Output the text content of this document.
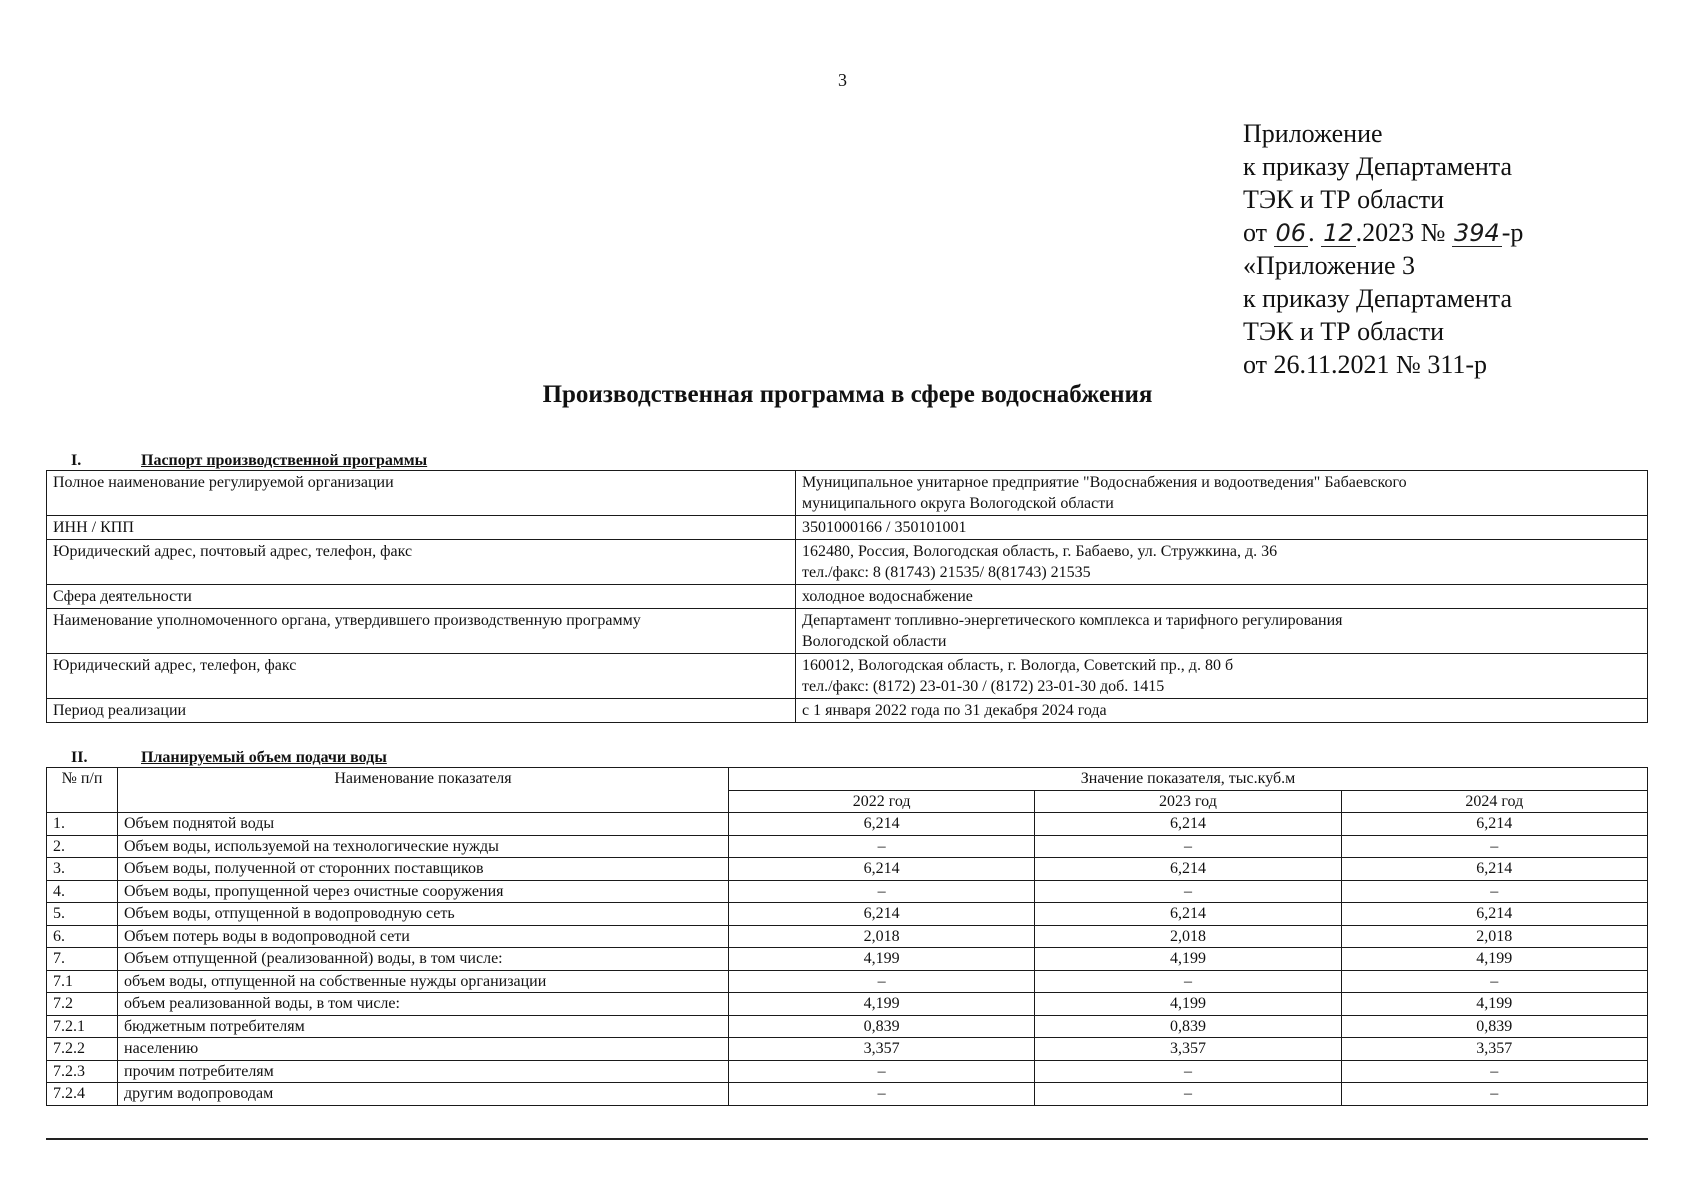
3
Приложение
к приказу Департамента
ТЭК и ТР области
от 06. 12.2023 № 394-р
«Приложение 3
к приказу Департамента
ТЭК и ТР области
от 26.11.2021 № 311-р
Производственная программа в сфере водоснабжения
I.	Паспорт производственной программы
Полное наименование регулируемой организации	Муниципальное унитарное предприятие "Водоснабжения и водоотведения" Бабаевского
муниципального округа Вологодской области

ИНН / КПП	3501000166 / 350101001

Юридический адрес, почтовый адрес, телефон, факс	162480, Россия, Вологодская область, г. Бабаево, ул. Стружкина, д. 36
тел./факс: 8 (81743) 21535/ 8(81743) 21535

Сфера деятельности	холодное водоснабжение

Наименование уполномоченного органа, утвердившего производственную программу	Департамент топливно-энергетического комплекса и тарифного регулирования
Вологодской области

Юридический адрес, телефон, факс	160012, Вологодская область, г. Вологда, Советский пр., д. 80 б
тел./факс: (8172) 23-01-30 / (8172) 23-01-30 доб. 1415

Период реализации	с 1 января 2022 года по 31 декабря 2024 года
II.	Планируемый объем подачи воды
№ п/п	Наименование показателя	Значение показателя, тыс.куб.м		
		2022 год	2023 год	2024 год
1.	Объем поднятой воды	6,214	6,214	6,214
2.	Объем воды, используемой на технологические нужды	–	–	–
3.	Объем воды, полученной от сторонних поставщиков	6,214	6,214	6,214
4.	Объем воды, пропущенной через очистные сооружения	–	–	–
5.	Объем воды, отпущенной в водопроводную сеть	6,214	6,214	6,214
6.	Объем потерь воды в водопроводной сети	2,018	2,018	2,018
7.	Объем отпущенной (реализованной) воды, в том числе:	4,199	4,199	4,199
7.1	объем воды, отпущенной на собственные нужды организации	–	–	–
7.2	объем реализованной воды, в том числе:	4,199	4,199	4,199
7.2.1	бюджетным потребителям	0,839	0,839	0,839
7.2.2	населению	3,357	3,357	3,357
7.2.3	прочим потребителям	–	–	–
7.2.4	другим водопроводам	–	–	–
